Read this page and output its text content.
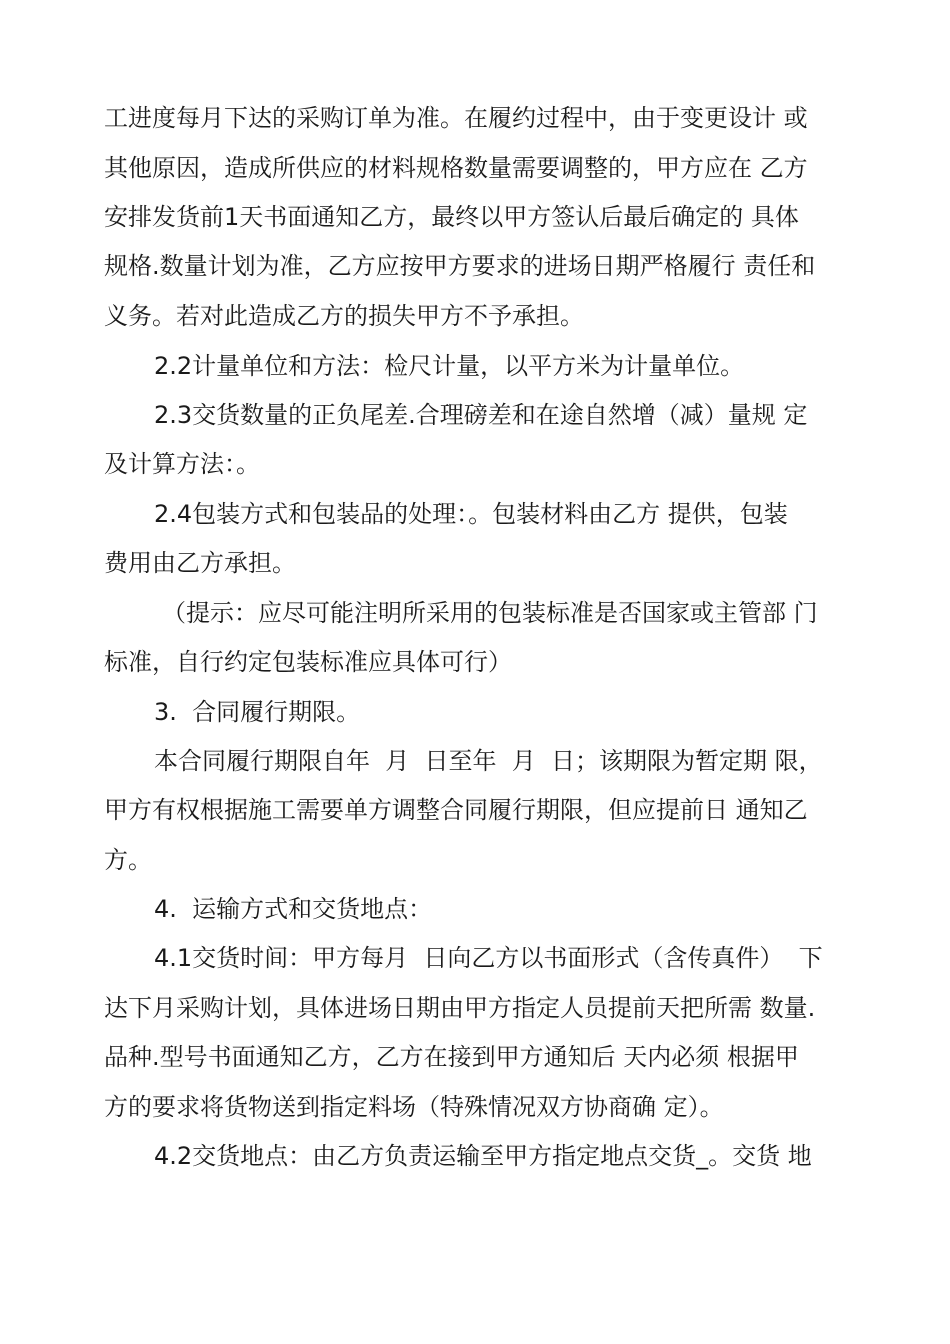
工进度每月下达的采购订单为准。在履约过程中，由于变更设计 或
其他原因，造成所供应的材料规格数量需要调整的，甲方应在 乙方
安排发货前1天书面通知乙方，最终以甲方签认后最后确定的 具体
规格.数量计划为准，乙方应按甲方要求的进场日期严格履行 责任和
义务。若对此造成乙方的损失甲方不予承担。
2.2计量单位和方法：检尺计量，以平方米为计量单位。
2.3交货数量的正负尾差.合理磅差和在途自然增（减）量规 定
及计算方法：。
2.4包装方式和包装品的处理：。包装材料由乙方 提供，包装
费用由乙方承担。
（提示：应尽可能注明所采用的包装标准是否国家或主管部 门
标准，自行约定包装标准应具体可行）
3.  合同履行期限。
本合同履行期限自年  月  日至年  月  日；该期限为暂定期 限，
甲方有权根据施工需要单方调整合同履行期限，但应提前日 通知乙
方。
4.  运输方式和交货地点：
4.1交货时间：甲方每月  日向乙方以书面形式（含传真件）  下
达下月采购计划，具体进场日期由甲方指定人员提前天把所需 数量.
品种.型号书面通知乙方，乙方在接到甲方通知后 天内必须 根据甲
方的要求将货物送到指定料场（特殊情况双方协商确 定）。
4.2交货地点：由乙方负责运输至甲方指定地点交货_。交货 地
